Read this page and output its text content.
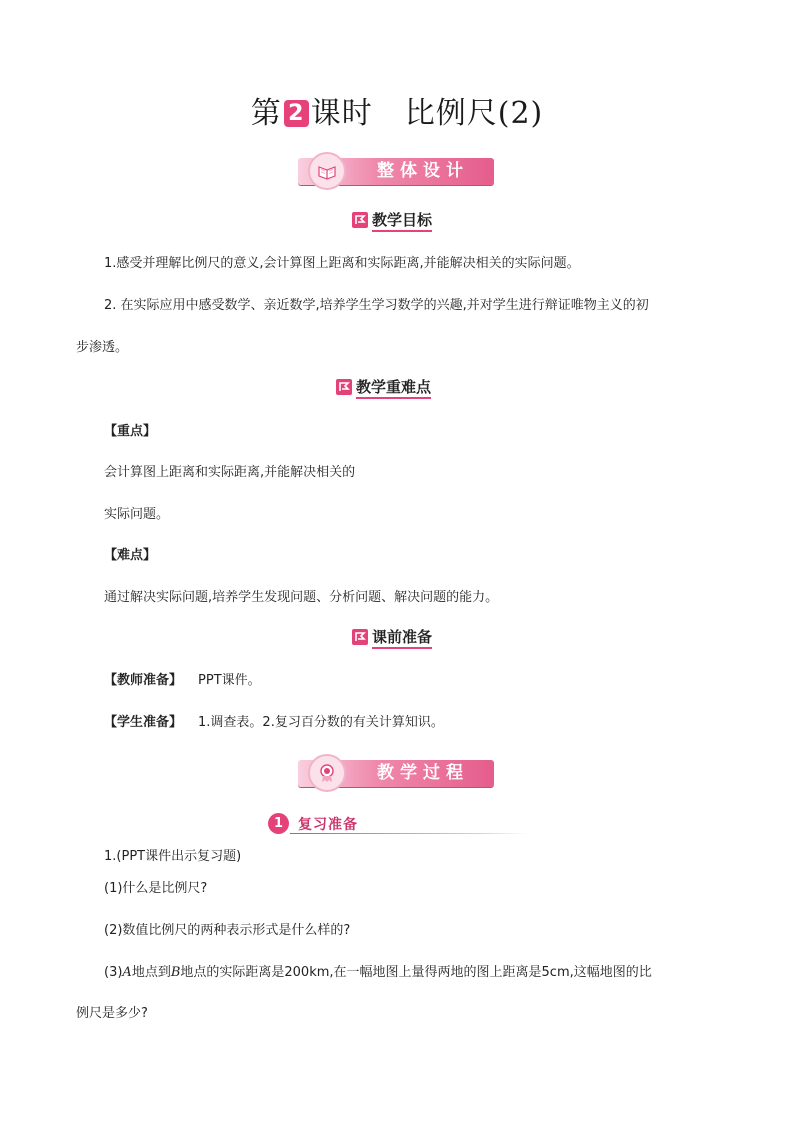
第 2 课时 比例尺(2)
整体设计
教学目标
1.感受并理解比例尺的意义,会计算图上距离和实际距离,并能解决相关的实际问题。
2. 在实际应用中感受数学、亲近数学,培养学生学习数学的兴趣,并对学生进行辩证唯物主义的初
步渗透。
教学重难点
【重点】
会计算图上距离和实际距离,并能解决相关的
实际问题。
【难点】
通过解决实际问题,培养学生发现问题、分析问题、解决问题的能力。
课前准备
【教师准备】 PPT课件。
【学生准备】 1.调查表。2.复习百分数的有关计算知识。
教学过程
1	复习准备
1.(PPT课件出示复习题)
(1)什么是比例尺?
(2)数值比例尺的两种表示形式是什么样的?
(3)A地点到B地点的实际距离是200km,在一幅地图上量得两地的图上距离是5cm,这幅地图的比
例尺是多少?
